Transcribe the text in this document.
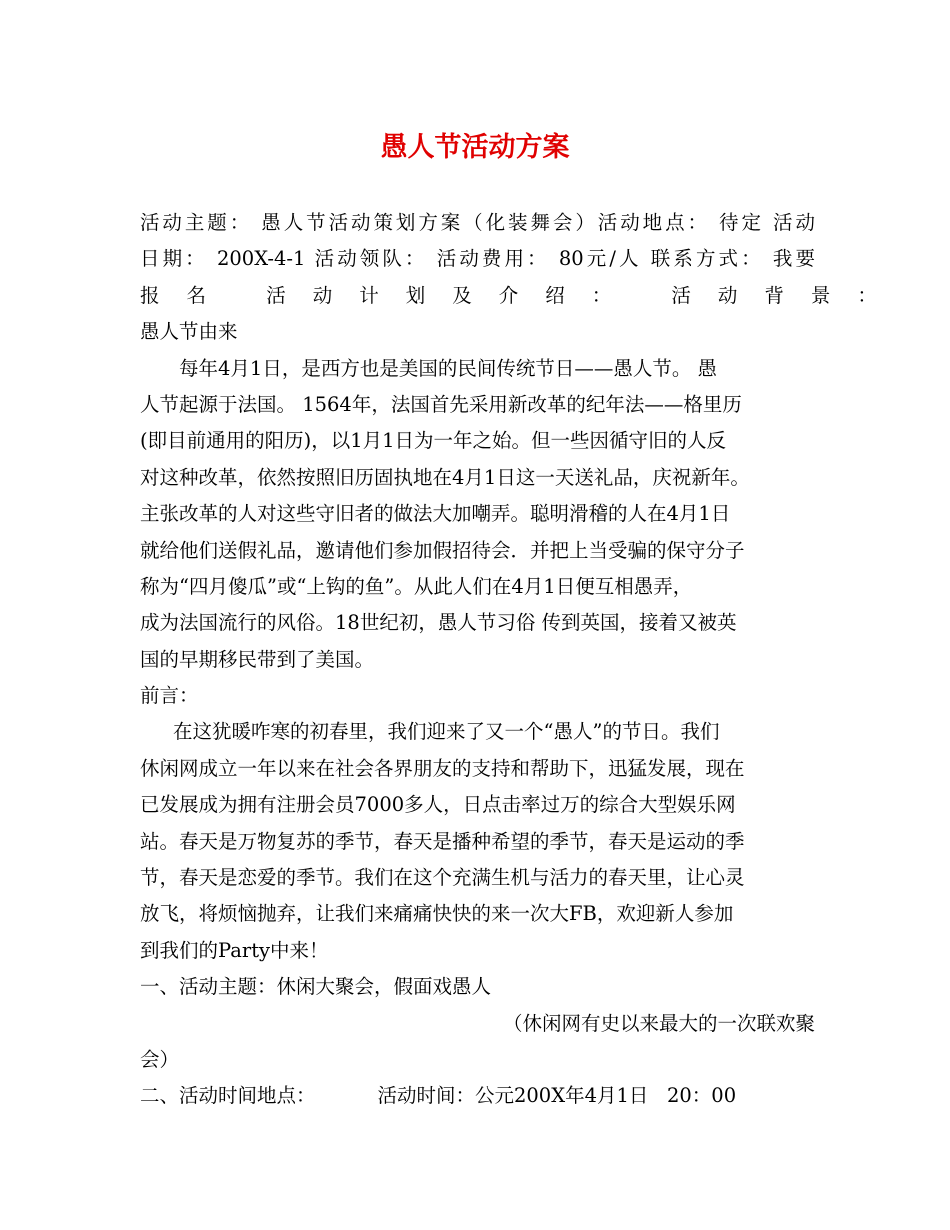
愚人节活动方案
活动主题： 愚人节活动策划方案（化装舞会）活动地点： 待定 活动
日期： 200X-4-1 活动领队： 活动费用： 80元/人 联系方式： 我要
报名 活动计划及介绍： 活动背景：
愚人节由来
每年4月1日，是西方也是美国的民间传统节日——愚人节。 愚
人节起源于法国。 1564年，法国首先采用新改革的纪年法——格里历
(即目前通用的阳历)，以1月1日为一年之始。但一些因循守旧的人反
对这种改革，依然按照旧历固执地在4月1日这一天送礼品，庆祝新年。
主张改革的人对这些守旧者的做法大加嘲弄。聪明滑稽的人在4月1日
就给他们送假礼品，邀请他们参加假招待会．并把上当受骗的保守分子
称为“四月傻瓜”或“上钩的鱼”。从此人们在4月1日便互相愚弄，
成为法国流行的风俗。18世纪初，愚人节习俗 传到英国，接着又被英
国的早期移民带到了美国。
前言：
在这犹暖咋寒的初春里，我们迎来了又一个“愚人”的节日。我们
休闲网成立一年以来在社会各界朋友的支持和帮助下，迅猛发展，现在
已发展成为拥有注册会员7000多人，日点击率过万的综合大型娱乐网
站。春天是万物复苏的季节，春天是播种希望的季节，春天是运动的季
节，春天是恋爱的季节。我们在这个充满生机与活力的春天里，让心灵
放飞，将烦恼抛弃，让我们来痛痛快快的来一次大FB，欢迎新人参加
到我们的Party中来！
一、活动主题：休闲大聚会，假面戏愚人
（休闲网有史以来最大的一次联欢聚
会）
二、活动时间地点：          活动时间：公元200X年4月1日   20：00
